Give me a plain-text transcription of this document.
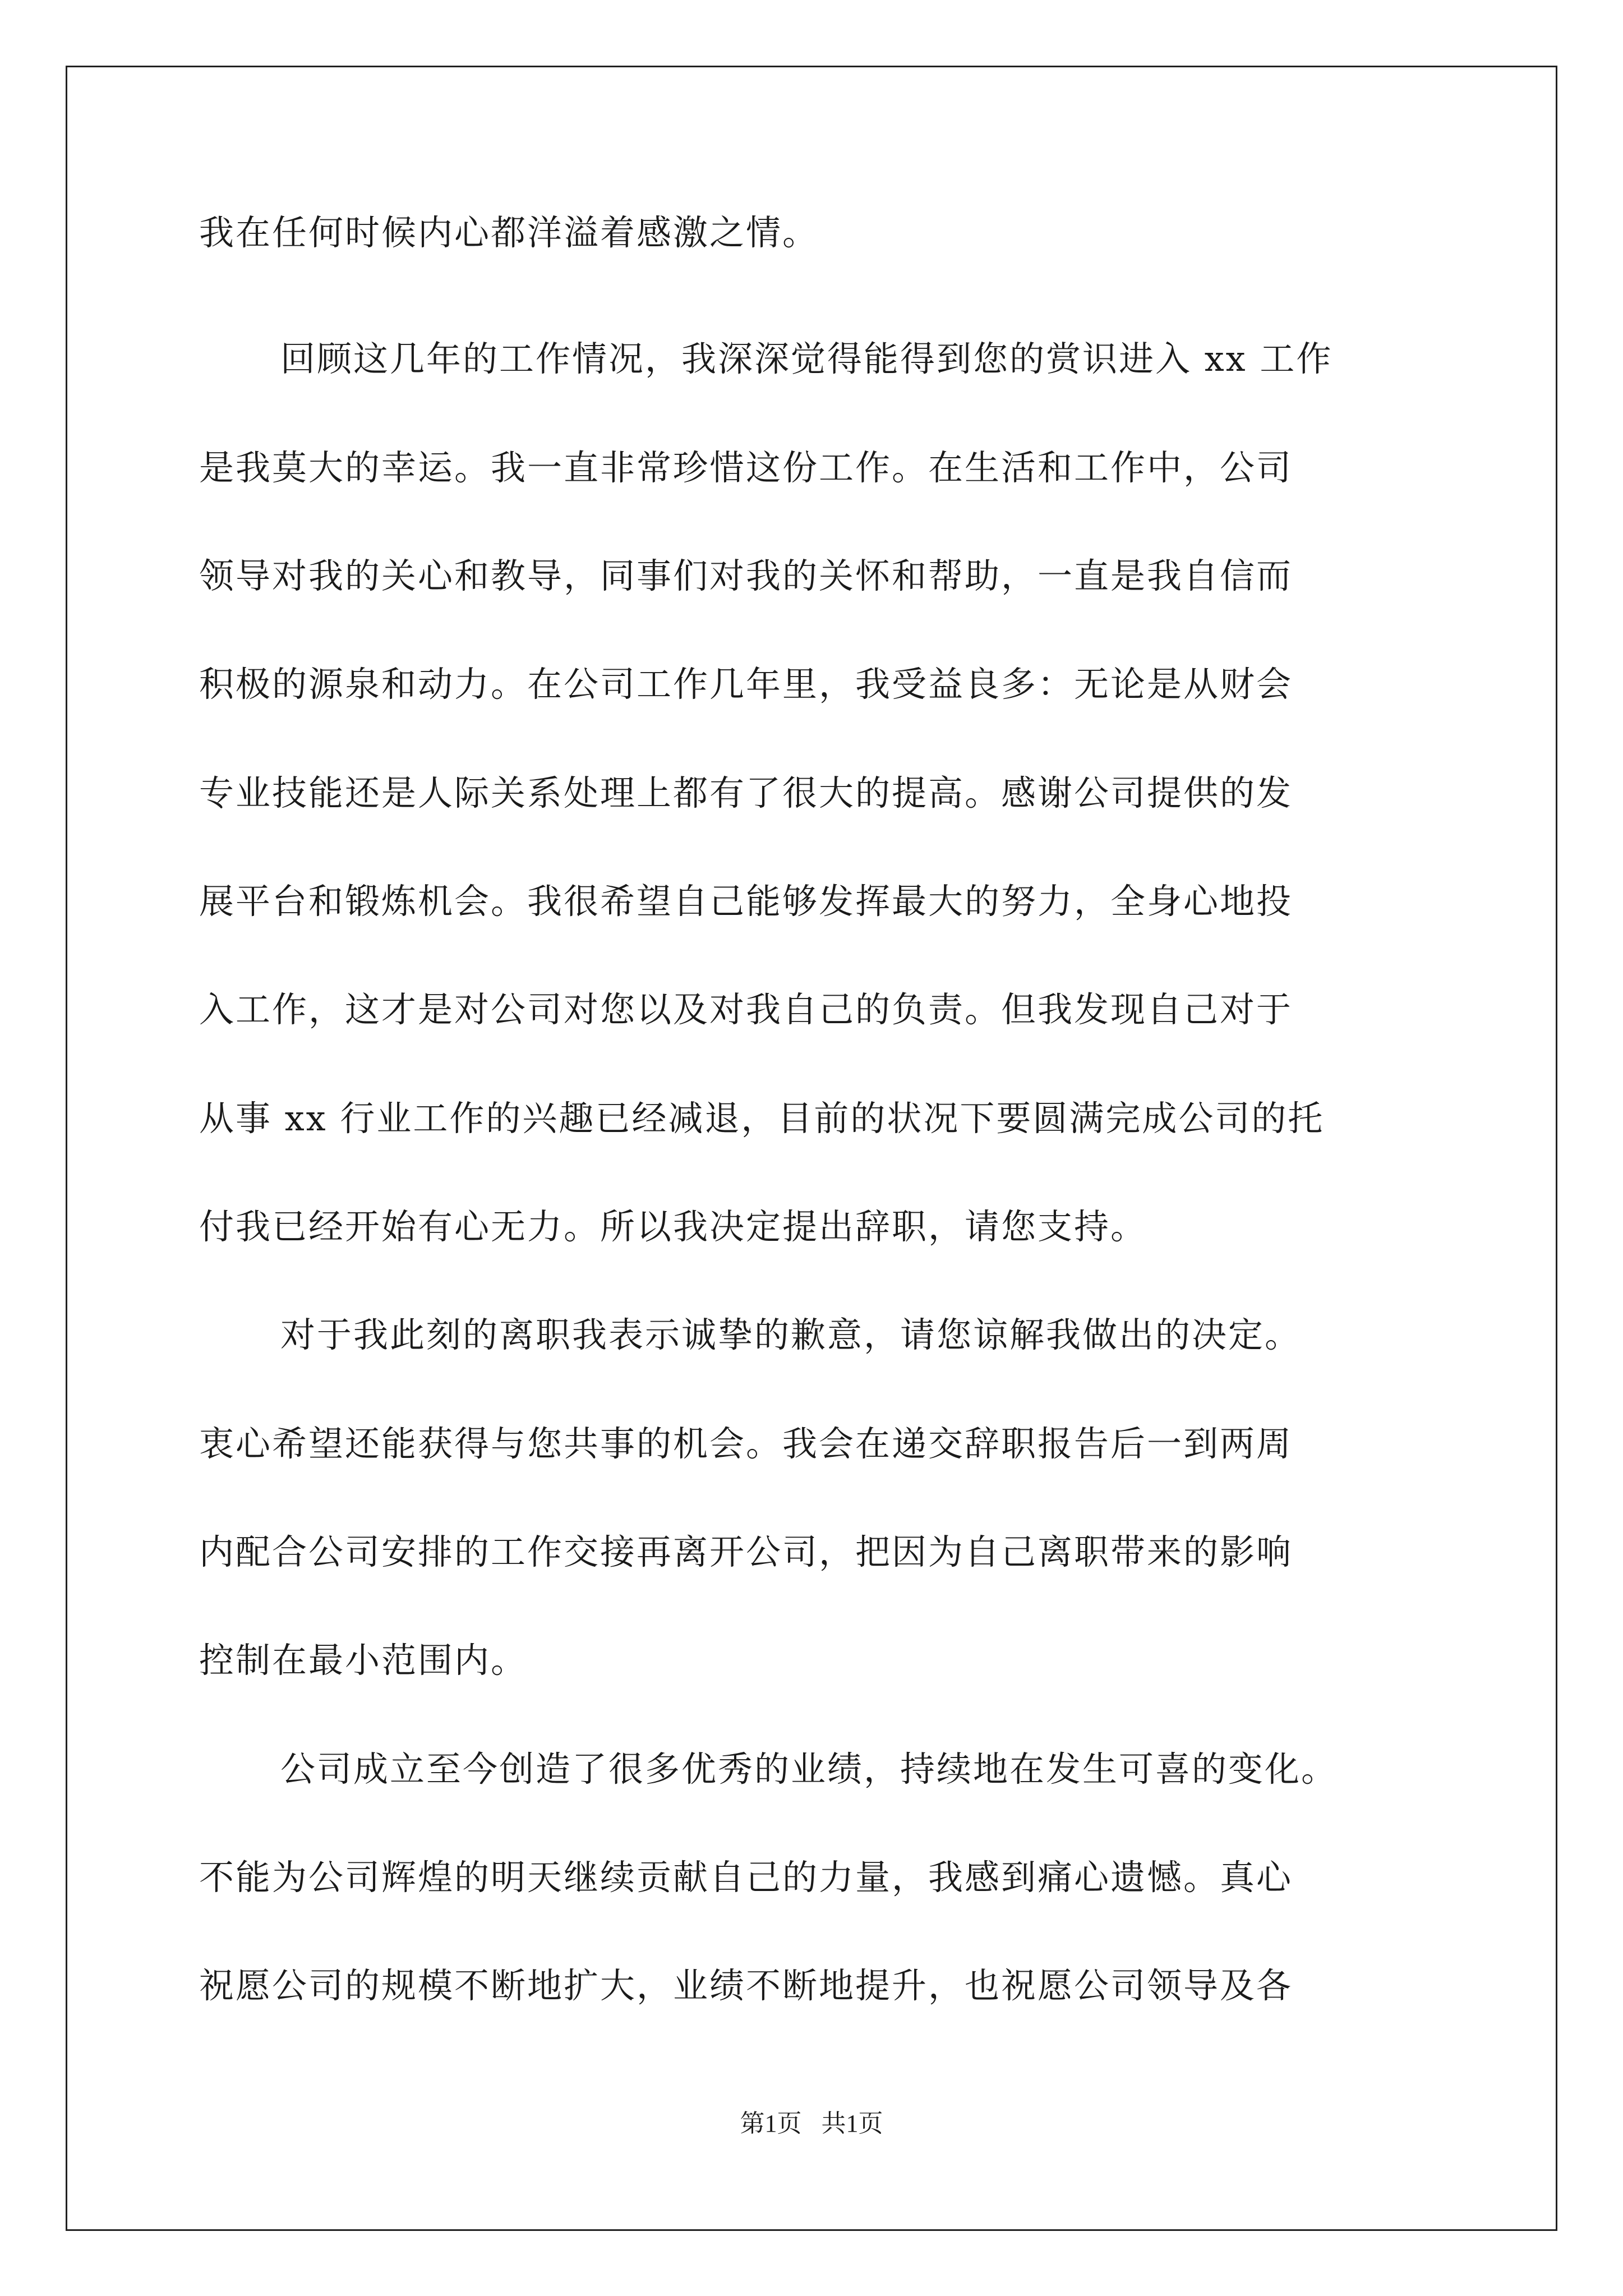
我在任何时候内心都洋溢着感激之情。
回顾这几年的工作情况，我深深觉得能得到您的赏识进入 xx 工作
是我莫大的幸运。我一直非常珍惜这份工作。在生活和工作中，公司
领导对我的关心和教导，同事们对我的关怀和帮助，一直是我自信而
积极的源泉和动力。在公司工作几年里，我受益良多：无论是从财会
专业技能还是人际关系处理上都有了很大的提高。感谢公司提供的发
展平台和锻炼机会。我很希望自己能够发挥最大的努力，全身心地投
入工作，这才是对公司对您以及对我自己的负责。但我发现自己对于
从事 xx 行业工作的兴趣已经减退，目前的状况下要圆满完成公司的托
付我已经开始有心无力。所以我决定提出辞职，请您支持。
对于我此刻的离职我表示诚挚的歉意，请您谅解我做出的决定。
衷心希望还能获得与您共事的机会。我会在递交辞职报告后一到两周
内配合公司安排的工作交接再离开公司，把因为自己离职带来的影响
控制在最小范围内。
公司成立至今创造了很多优秀的业绩，持续地在发生可喜的变化。
不能为公司辉煌的明天继续贡献自己的力量，我感到痛心遗憾。真心
祝愿公司的规模不断地扩大，业绩不断地提升，也祝愿公司领导及各
第1页 共1页
